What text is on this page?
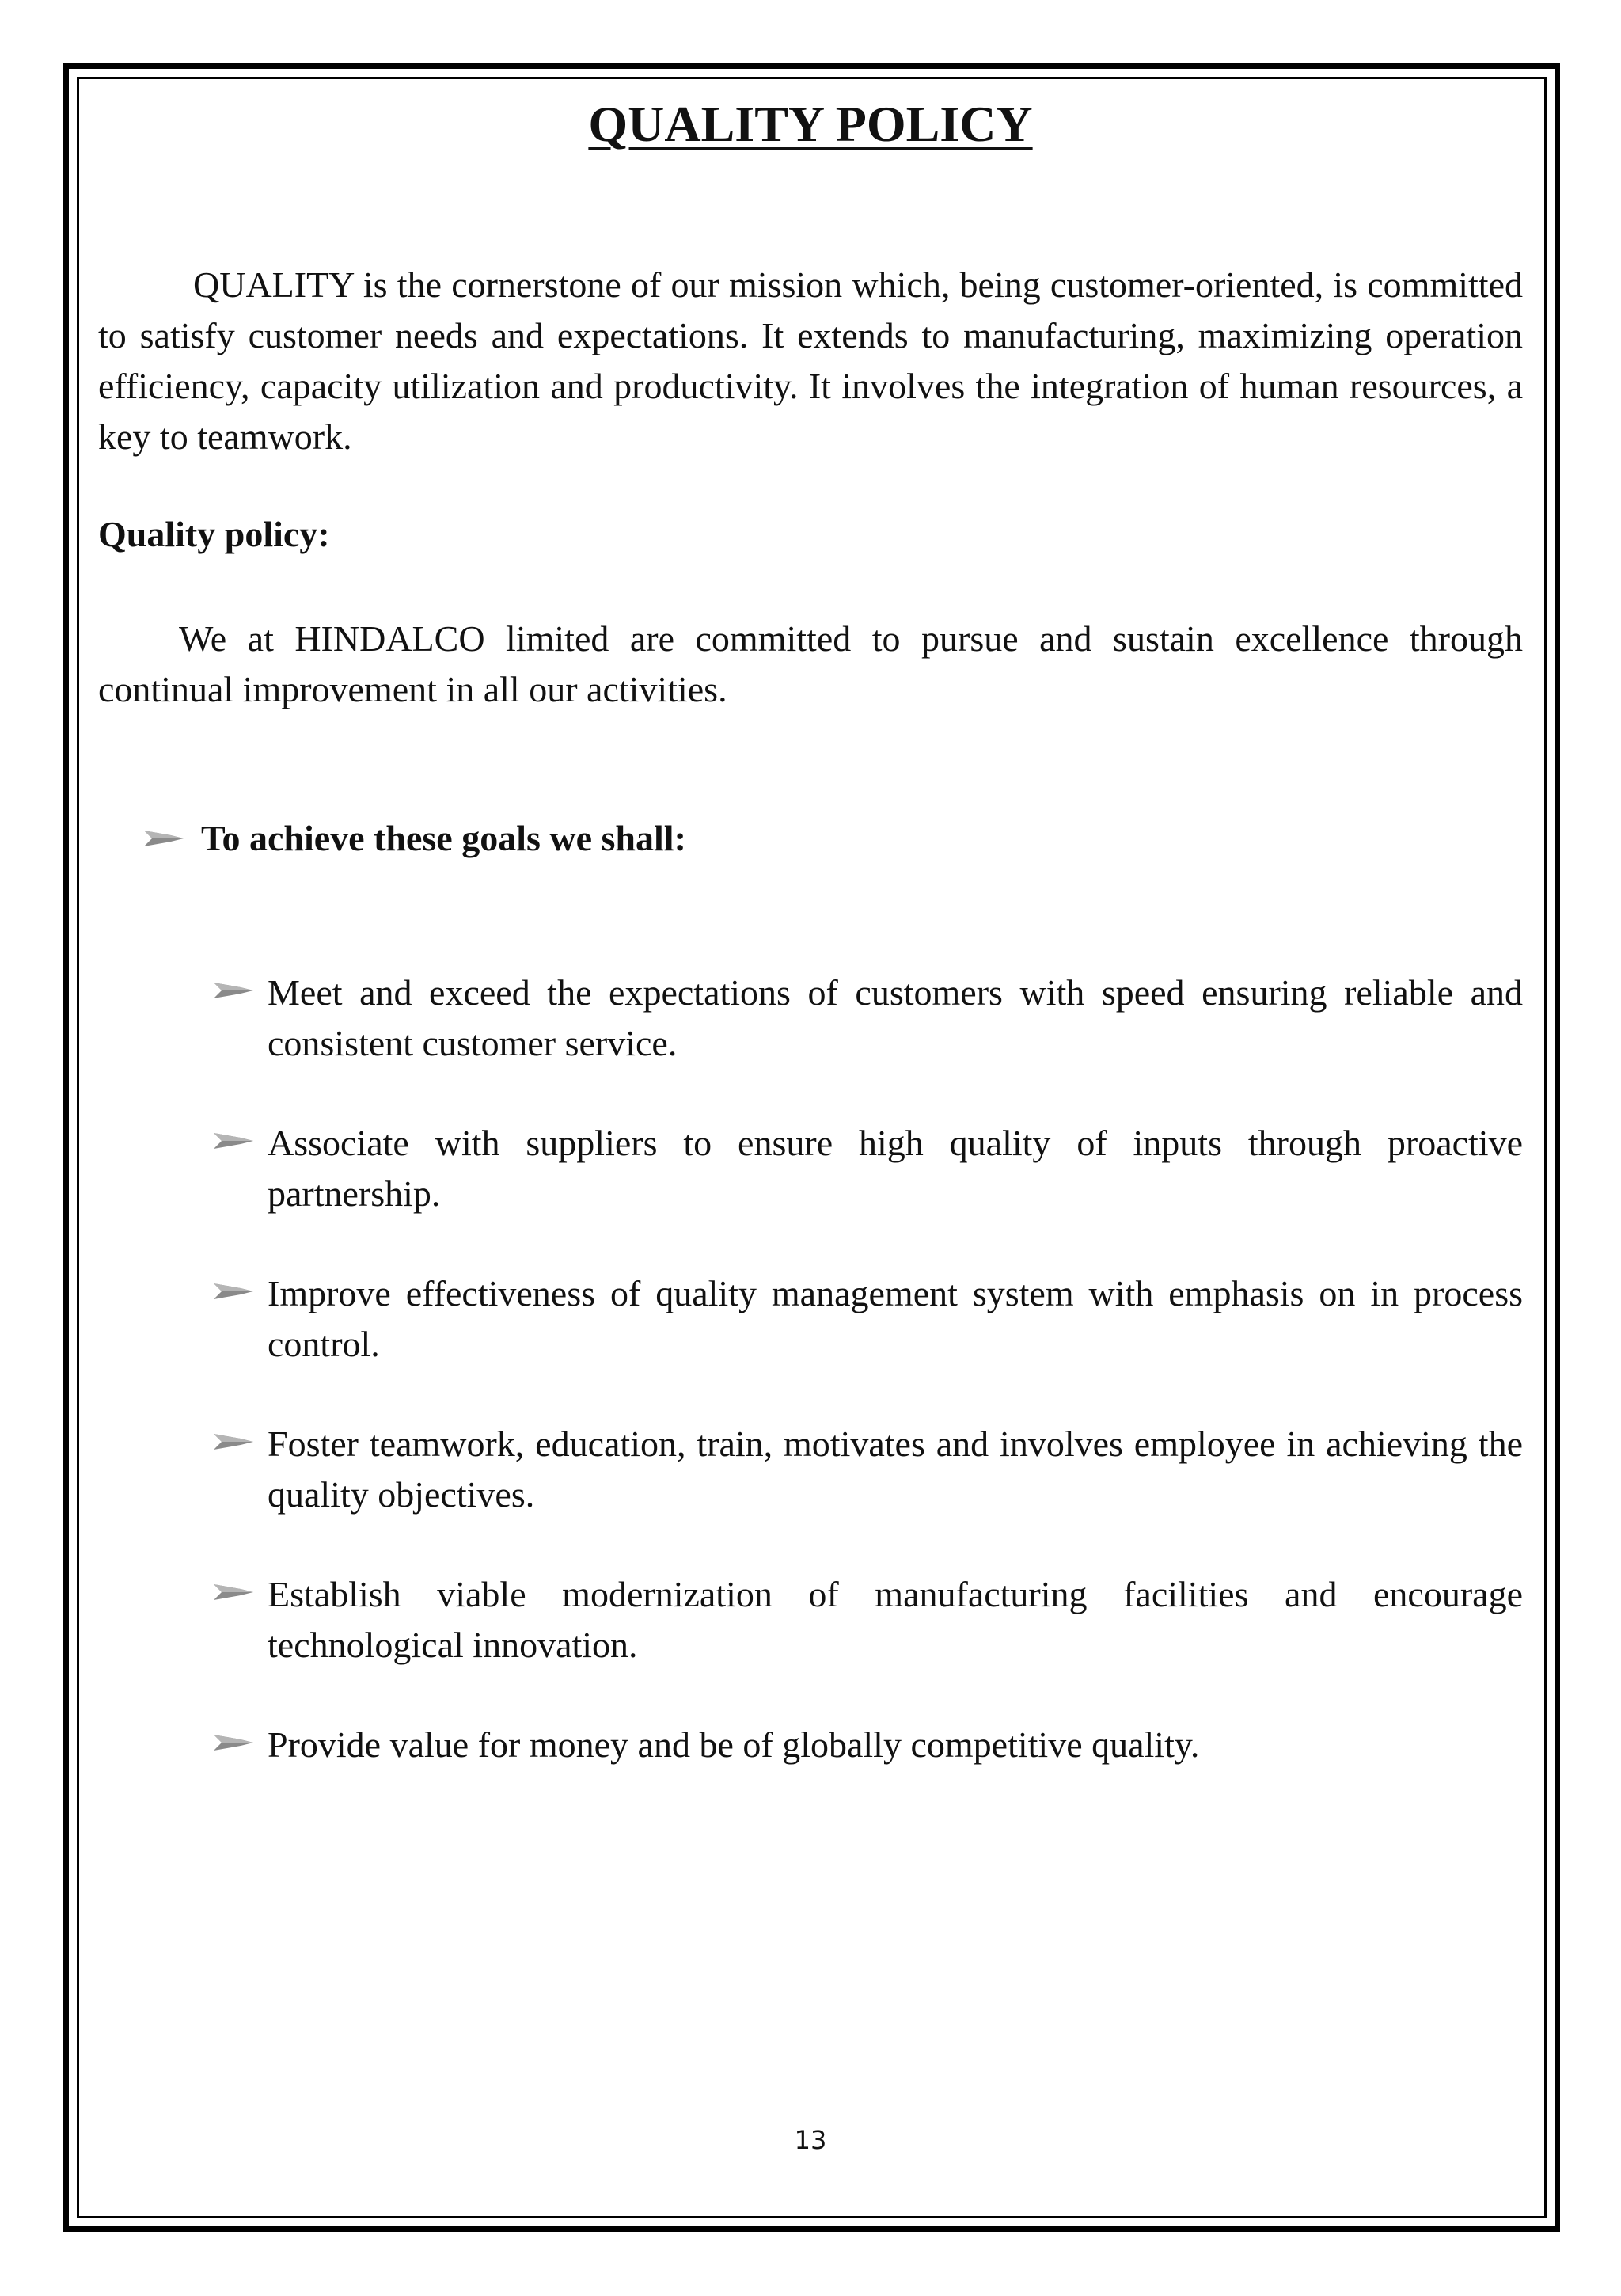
QUALITY POLICY

QUALITY is the cornerstone of our mission which, being customer-oriented, is committed to satisfy customer needs and expectations. It extends to manufacturing, maximizing operation efficiency, capacity utilization and productivity. It involves the integration of human resources, a key to teamwork.

Quality policy:

We at HINDALCO limited are committed to pursue and sustain excellence through continual improvement in all our activities.

To achieve these goals we shall:
Meet and exceed the expectations of customers with speed ensuring reliable and consistent customer service.
Associate with suppliers to ensure high quality of inputs through proactive partnership.
Improve effectiveness of quality management system with emphasis on in process control.
Foster teamwork, education, train, motivates and involves employee in achieving the quality objectives.
Establish viable modernization of manufacturing facilities and encourage technological innovation.
Provide value for money and be of globally competitive quality.

13
